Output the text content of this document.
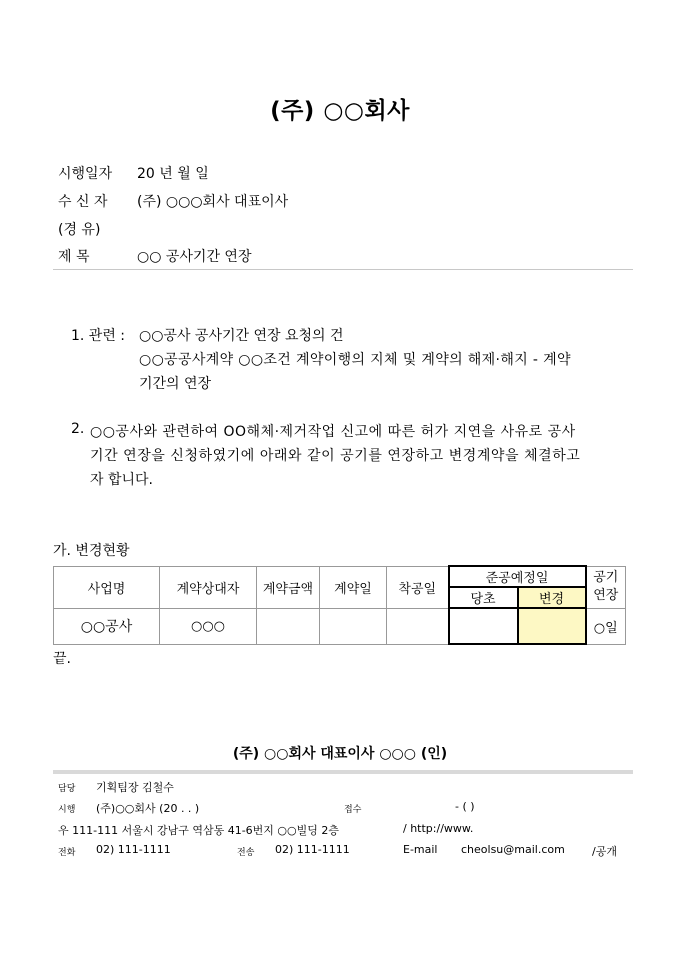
(주) ○○회사
시행일자 20 년 월 일
수 신 자 (주) ○○○회사 대표이사
(경 유)
제 목	○○ 공사기간 연장
1. 관련 : ○○공사 공사기간 연장 요청의 건
○○공공사계약 ○○조건 계약이행의 지체 및 계약의 해제·해지 - 계약
기간의 연장
2. ○○공사와 관련하여 OO해체·제거작업 신고에 따른 허가 지연을 사유로 공사
기간 연장을 신청하였기에 아래와 같이 공기를 연장하고 변경계약을 체결하고
자 합니다.
가. 변경현황
사업명	계약상대자	계약금액	계약일	착공일	준공예정일		공기
연장
					당초	변경	
○○공사	○○○						○일
끝.
(주) ○○회사 대표이사 ○○○ (인)
담당 기획팀장 김철수
시행 (주)○○회사 (20 . . )	접수	- ( )
우 111-111 서울시 강남구 역삼동 41-6번지 ○○빌딩 2층	/ http://www.
전화 02) 111-1111	전송 02) 111-1111	E-mail cheolsu@mail.com /공개
